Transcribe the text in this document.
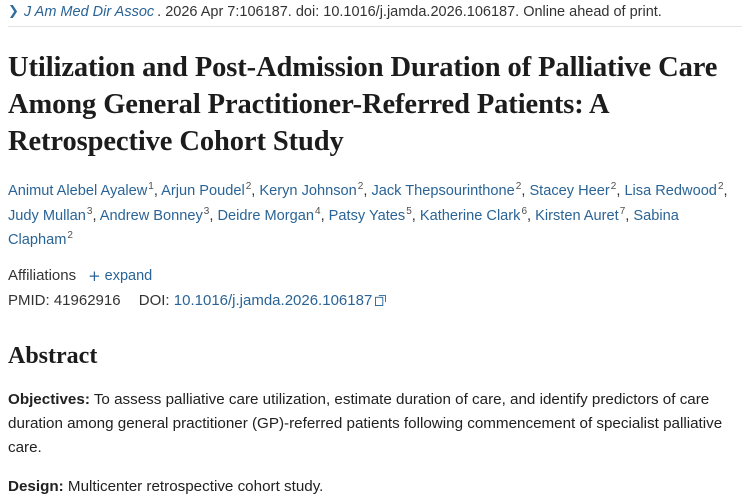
❯ J Am Med Dir Assoc . 2026 Apr 7:106187. doi: 10.1016/j.jamda.2026.106187. Online ahead of print.
Utilization and Post-Admission Duration of Palliative Care Among General Practitioner-Referred Patients: A Retrospective Cohort Study
Animut Alebel Ayalew$^1$, Arjun Poudel$^2$, Keryn Johnson$^2$, Jack Thepsourinthone$^2$, Stacey Heer$^2$, Lisa Redwood$^2$, Judy Mullan$^3$, Andrew Bonney$^3$, Deidre Morgan$^4$, Patsy Yates$^5$, Katherine Clark$^6$, Kirsten Auret$^7$, Sabina Clapham$^2$
Affiliations + expand
PMID: 41962916 DOI: 10.1016/j.jamda.2026.106187
Abstract

Objectives: To assess palliative care utilization, estimate duration of care, and identify predictors of care duration among general practitioner (GP)-referred patients following commencement of specialist palliative care.

Design: Multicenter retrospective cohort study.
